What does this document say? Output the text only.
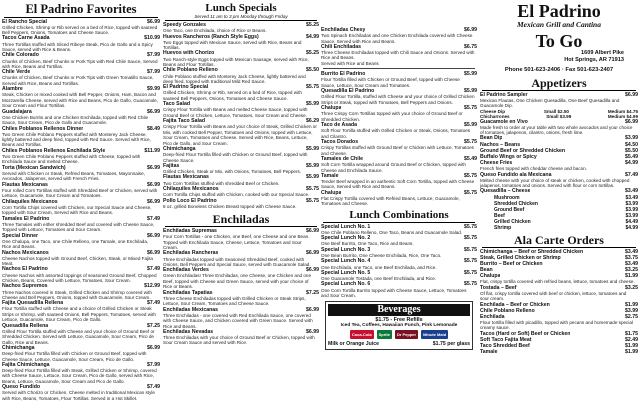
El Padrino Favorites
El Rancho Special	$6.99
Grilled Chicken, Shrimp or Rib served on a bed of Rice, topped with sauteed Bell Peppers, Onions, Tomatoes and Cheese Sauce.
Tacos Carne Asada	$10.99
Three Tortillas stuffed with Sliced Ribeye Steak, Pico de Gallo and a Spicy Sauce, served with Rice & Beans.
Chile Colorado	$7.99
Chunks of Chicken, Beef Chunks or Pork Tips with Red Chile Sauce, Served with Rice, Beans and Tortillas.
Chile Verde	$7.99
Chunks of Chicken, Beef Chunks or Pork Tips with Green Tomatillo Sauce, Served with Rice, Beans and Tortillas.
Alambre	$9.99
Steak, Chicken or mixed cooked with Bell Pepper, Onions, Ham, Bacon and Mozzarella Cheese, served with Rice and Beans, Pico de Gallo, Guacamole, Sour Cream and Flour Tortillas.
Guadalajara	$6.99
One Chicken Burrito and one Chicken Enchilada, topped with Red Chile Sauce, Sour Cream, Pico de Gallo and Guacamole.
Chiles Poblanos Rellenos Dinner	$8.49
Two Green Chile Poblano Peppers stuffed with Monterey Jack Cheese, lightly battered and deep fried, topped with Red Sauce. Served with Rice, Beans and Tortillas.
Chiles Poblanos Rellenos Enchilada Style	$11.99
Two Green Chile Poblano Peppers stuffed with Cheese, topped with Enchilada Sauce and melted Cheese.
Torta (Mexican Sandwich)	$6.99
Served with Chicken or Steak, Refried Beans, Tomatoes, Mayonnaise, Avocados, Jalapenos, served with French Fries.
Flautas Mexicanas	$6.99
Four rolled Corn Tortillas stuffed with Shredded Beef or Chicken, served with Lettuce, Guacamole, Sour Cream and Tomatoes.
Chilaquiles Mexicanos	$6.99
Corn Tortilla Chips covered with Chicken, our Special Sauce and Cheese, topped with Sour Cream, Served with Rice and Beans.
Tamales El Padrino	$7.49
Three Tamales with either shredded Beef and covered with Cheese Sauce, Topped with Lettuce, Tomatoes and Sour Cream.
Special Dinner	$6.99
One Chalupa, one Taco, one Chile Relleno, one Tamale, one Enchilada, Rice and Beans.
Nachos Mexicanos	$6.99
Cheese Nachos topped with Ground Beef, Chicken, Steak, or Mixed Fajita Meat.
Nachos El Padrino	$7.49
Cheese Nachos with assorted toppings of seasoned Ground Beef, Chopped Chicken, Beans, Covered with Lettuce, Tomatoes, Sour Cream.
Nachos Supremos	$12.99
Three Nachos covered in Steak, Grilled Chicken and Shrimp covered with Cheese and Bell Peppers, Onions, topped with Guacamole, Sour Cream.
Fajita Quesadilla Rellena	$7.49
Flour Tortilla stuffed with Cheese and a choice of Grilled Chicken or Steak Strips or Shrimp, with sauteed Onions, Bell Peppers, Tomatoes, served with Lettuce, Guacamole, Sour Cream, Pico de Gallo.
Quesadilla Rellena	$7.25
Grilled Flour Tortilla stuffed with Cheese and your choice of Ground Beef or Shredded Chicken. Served with Lettuce, Guacamole, Sour Cream, Pico de Gallo, Rice and Beans.
Chimichanga	$6.99
Deep-fried Flour Tortilla filled with Chicken or Ground Beef, topped with Cheese Sauce, Lettuce, Guacamole, Sour Cream, Pico de Gallo.
Fajita Chimichanga	$7.99
Deep-fried Flour Tortilla filled with Steak, Grilled Chicken or Shrimp, covered with Cheese Sauce, Lettuce, Sour Cream, Pico de Gallo, served with Rice, Beans, Lettuce, Guacamole, Sour Cream and Pico de Gallo.
Queso Fundido	$7.49
Served with Chorizo or Chicken. Cheese melted in traditional Mexican style with Rice, Beans, Tomatoes, Flour Tortillas. Served in a Hot Skillet.
Lunch Specials
Served 11 am to 3 pm Monday through Friday
Speedy Gonzales	$5.25
One Taco, one Enchilada, choice of Rice or Beans.
Huevos Rancheros (Ranch Style Eggs)	$4.99
Two Eggs topped with Mexican Sauce, served with Rice, Beans and Tortillas.
Huevos with Chorizo	$5.25
Two Ranch-style Eggs topped with Mexican Sausage, served with Rice, Beans and Flour Tortillas.
Chile Poblano Relleno	$5.50
Chile Poblano stuffed with Monterey Jack Cheese, lightly battered and deep fried, topped with traditional Mild Red Sauce.
El Padrino Special	$5.75
Grilled Chicken, Shrimp or Rib, served on a bed of Rice, topped with sauteed Bell Peppers, Onions, Tomatoes and Cheese Sauce.
Taco Salad	$5.99
Crispy Flour Tortilla with Beans and melted Cheese Sauce, topped with Ground Beef or Chicken, Lettuce, Tomatoes, Sour Cream and Cheese.
Fajita Taco Salad	$6.29
Crispy Flour Tortilla with Beans and your choice of Steak, Grilled Chicken or Mix, with cooked Bell Pepper, Tomatoes and Onions, topped with Lettuce, Sour Cream, Tomatoes and Cheese. Served with Rice, Beans, Lettuce, Pico de Gallo, and Sour Cream.
Chimichanga	$5.99
Deep-fried Flour Tortilla filled with Chicken or Ground Beef, topped with Cheese Sauce.
Fajitas	$5.99
Grilled Chicken, Steak or Mix, with Onions, Tomatoes, Bell Peppers.
Flautas Mexicanas	$5.99
Two Corn Tortillas stuffed with shredded Beef or Chicken.
Chilaquiles Mexicanos	$5.75
Corn Tortilla Chips stuffed with Chicken, cooked with our Special Sauce.
Pollo Loco El Padrino	$5.75
8 oz. grilled Boneless Chicken Breast topped with Cheese Sauce.
Enchiladas
Enchiladas Supremas	$6.99
Four Corn Tortillas - one Chicken, one Beef, one Cheese and one Bean. Topped with Enchilada Sauce, Cheese, Lettuce, Tomatoes and Sour Cream.
Enchiladas Rancheras	$6.99
Three Enchiladas topped with Seasoned Shredded Beef, cooked with Onions, Bell Peppers and Special Sauce, served with Guacamole Salad.
Enchiladas Verdes	$6.99
Green Enchiladas! Three Enchiladas, one Cheese, one Chicken and one Beef, topped with Cheese and Green Sauce, served with your choice of Rice or Beans.
Enchiladas Tapatias	$7.25
Three Cheese Enchiladas topped with Grilled Chicken or Steak Strips, Lettuce, Sour Cream, Tomatoes and Cheese Sauce.
Enchiladas Mexicanas	$6.99
Three Enchiladas - one covered with Red Enchilada Sauce, one covered with Cheese Sauce, and Chicken covered with Green Sauce. Served with Rice and Beans.
Enchiladas Nevadas	$6.99
Three Enchiladas with your choice of Ground Beef or Chicken, topped with Sour Cream Sauce and served with Rice.
Enchiladas Chesy	$6.99
Two Spinach Enchiladas and one Chicken Enchilada covered with Cheese Sauce. Served with Rice and Beans.
Chili Enchiladas	$6.75
Three Cheese Enchiladas topped with Chili Sauce and Onions. Served with Rice and Beans.
Served with Rice and Beans
Burrito El Padrino	$5.99
Flour Tortilla filled with Chicken or Ground Beef, topped with Cheese Sauce, Lettuce, Sour Cream and Tomatoes.
Quesadilla El Padrino	$5.99
Grilled Flour Tortilla, stuffed with Cheese and your choice of Grilled Chicken Strips or Steak, topped with Tomatoes, Bell Peppers and Onions.
Chalupa	$5.75
Three Crispy Corn Tortillas topped with your choice of Ground Beef or Shredded Chicken.
Taco de Asada	$5.99
Soft Flour Tortilla stuffed with Grilled Chicken or Steak, Onions, Tomatoes and Cilantro.
Tacos Dorados	$5.75
Crispy Tortillas stuffed with Ground Beef or Chicken with Lettuce, Tomatoes and Cheese.
Tamales de Chile	$5.49
Soft Corn Tortilla wrapped around Ground Beef or Chicken, topped with Cheese and Enchilada Sauce.
Tamale	$5.75
Tender Beef wrapped in an authentic Soft Corn Tortilla, topped with Cheese Sauce, Served with Rice and Beans.
Chalupa	$5.75
Flat Crispy Tortilla covered with Refried Beans, Lettuce, Guacamole, Tomatoes and Cheese.
Lunch Combinations
Special Lunch No. 1	$5.75
One Chile Poblano Relleno, One Taco, Beans and Guacamole Salad.
Special Lunch No. 2	$5.75
One Beef Burrito, One Taco, Rice and Beans.
Special Lunch No. 3	$5.75
One Bean Burrito, One Cheese Enchilada, Rice, One Taco.
Special Lunch No. 4	$5.75
One Enchilada, one Taco, one Beef Enchilada, and Rice.
Special Lunch No. 5	$5.75
One Guacamole Tostada, one Beef Enchilada, and Rice.
Special Lunch No. 6	$5.75
One Corn Tortilla Burrito topped with Cheese Sauce, Lettuce, Tomatoes and Sour Cream.
Beverages
$1.75 - Free Refills
Iced Tea, Coffees, Hawaiian Punch, Pink Lemonade
Coca-Cola	Sprite	Dr Pepper	Minute Maid
Milk or Orange Juice	$1.75 per glass
El Padrino
Mexican Grill and Cantina
To Go
1609 Albert Pike
Hot Springs, AR 71913
Phone 501-623-2406 · Fax 501-623-2407
Appetizers
El Padrino Sampler	$6.99
Mexican Flautas, One Chicken Quesadilla, One Beef Quesadilla and Guacamole Dip.
Cheese Dip	Small $2.50	Medium $4.75
Chicharrones	Small $3.99	Medium $4.99
Guacamole en Vivo	$6.99
Made fresh to order at your table with two whole avocados and your choice of tomatoes, jalapenos, cilantro, onions, fresh lime.
Bean Dip	$3.99
Nachos – Beans	$4.50
Ground Beef or Shredded Chicken	$5.50
Buffalo Wings or Spicy	$5.49
Cheese Fries	$4.99
French fries topped with cheddar cheese and bacon.
Queso Fundido ala Mexicana	$7.49
Melted cheese with your choice of steak or chicken, cooked with chopped jalapenos, tomatoes and onions. Served with flour or corn tortillas.
Quesadilla – Cheese	$3.49
Mushroom	$3.49
Shredded Chicken	$3.99
Ground Beef	$3.99
Beef	$3.99
Grilled Chicken	$4.49
Shrimp	$4.99
Ala Carte Orders
Chimichanga – Beef or Shredded Chicken	$3.49
Steak, Grilled Chicken or Shrimp	$3.75
Burrito – Beef or Chicken	$3.49
Bean	$3.25
Chalupa	$1.99
Flat, crispy tortilla covered with refried beans, lettuce, tomatoes and cheese.
Tostada – Beef	$3.25
Of flat, crispy tortilla covered with beef or chicken, lettuce, tomatoes and sour cream.
Enchilada – Beef or Chicken	$1.99
Chile Poblano Relleno	$3.99
Enchilada	$2.75
Flour tortilla filled with picadillo, topped with pecans and homemade special creamy sauce.
Tacos (Hard or Soft) Beef or Chicken	$1.75
Soft Taco Fajita Meat	$2.49
Taco Shredded Beef	$1.99
Tamale	$1.99
